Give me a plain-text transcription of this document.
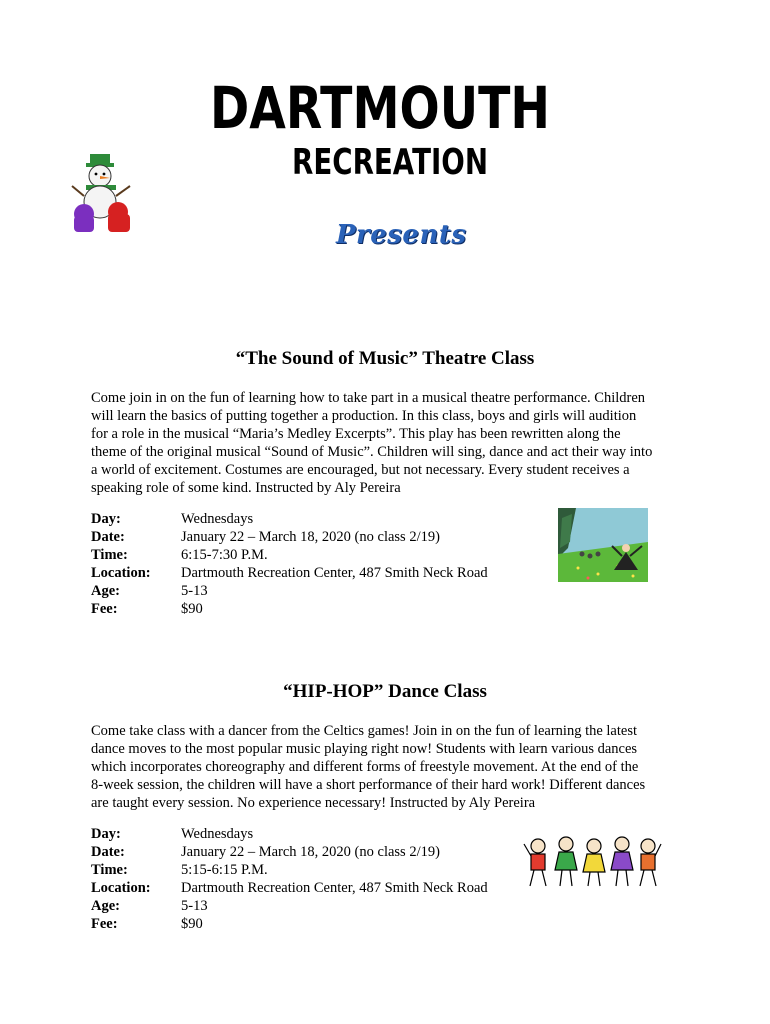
DARTMOUTH
RECREATION
Presents
“The Sound of Music” Theatre Class

Come join in on the fun of learning how to take part in a musical theatre performance. Children
will learn the basics of putting together a production. In this class, boys and girls will audition
for a role in the musical “Maria’s Medley Excerpts”. This play has been rewritten along the
theme of the original musical “Sound of Music”. Children will sing, dance and act their way into
a world of excitement. Costumes are encouraged, but not necessary. Every student receives a
speaking role of some kind. Instructed by Aly Pereira

Day:	Wednesdays
Date:	January 22 – March 18, 2020 (no class 2/19)
Time:	6:15-7:30 P.M.
Location:	Dartmouth Recreation Center, 487 Smith Neck Road
Age:	5-13
Fee:	$90
“HIP-HOP” Dance Class

Come take class with a dancer from the Celtics games! Join in on the fun of learning the latest
dance moves to the most popular music playing right now! Students with learn various dances
which incorporates choreography and different forms of freestyle movement. At the end of the
8-week session, the children will have a short performance of their hard work! Different dances
are taught every session. No experience necessary! Instructed by Aly Pereira

Day:	Wednesdays
Date:	January 22 – March 18, 2020 (no class 2/19)
Time:	5:15-6:15 P.M.
Location:	Dartmouth Recreation Center, 487 Smith Neck Road
Age:	5-13
Fee:	$90
